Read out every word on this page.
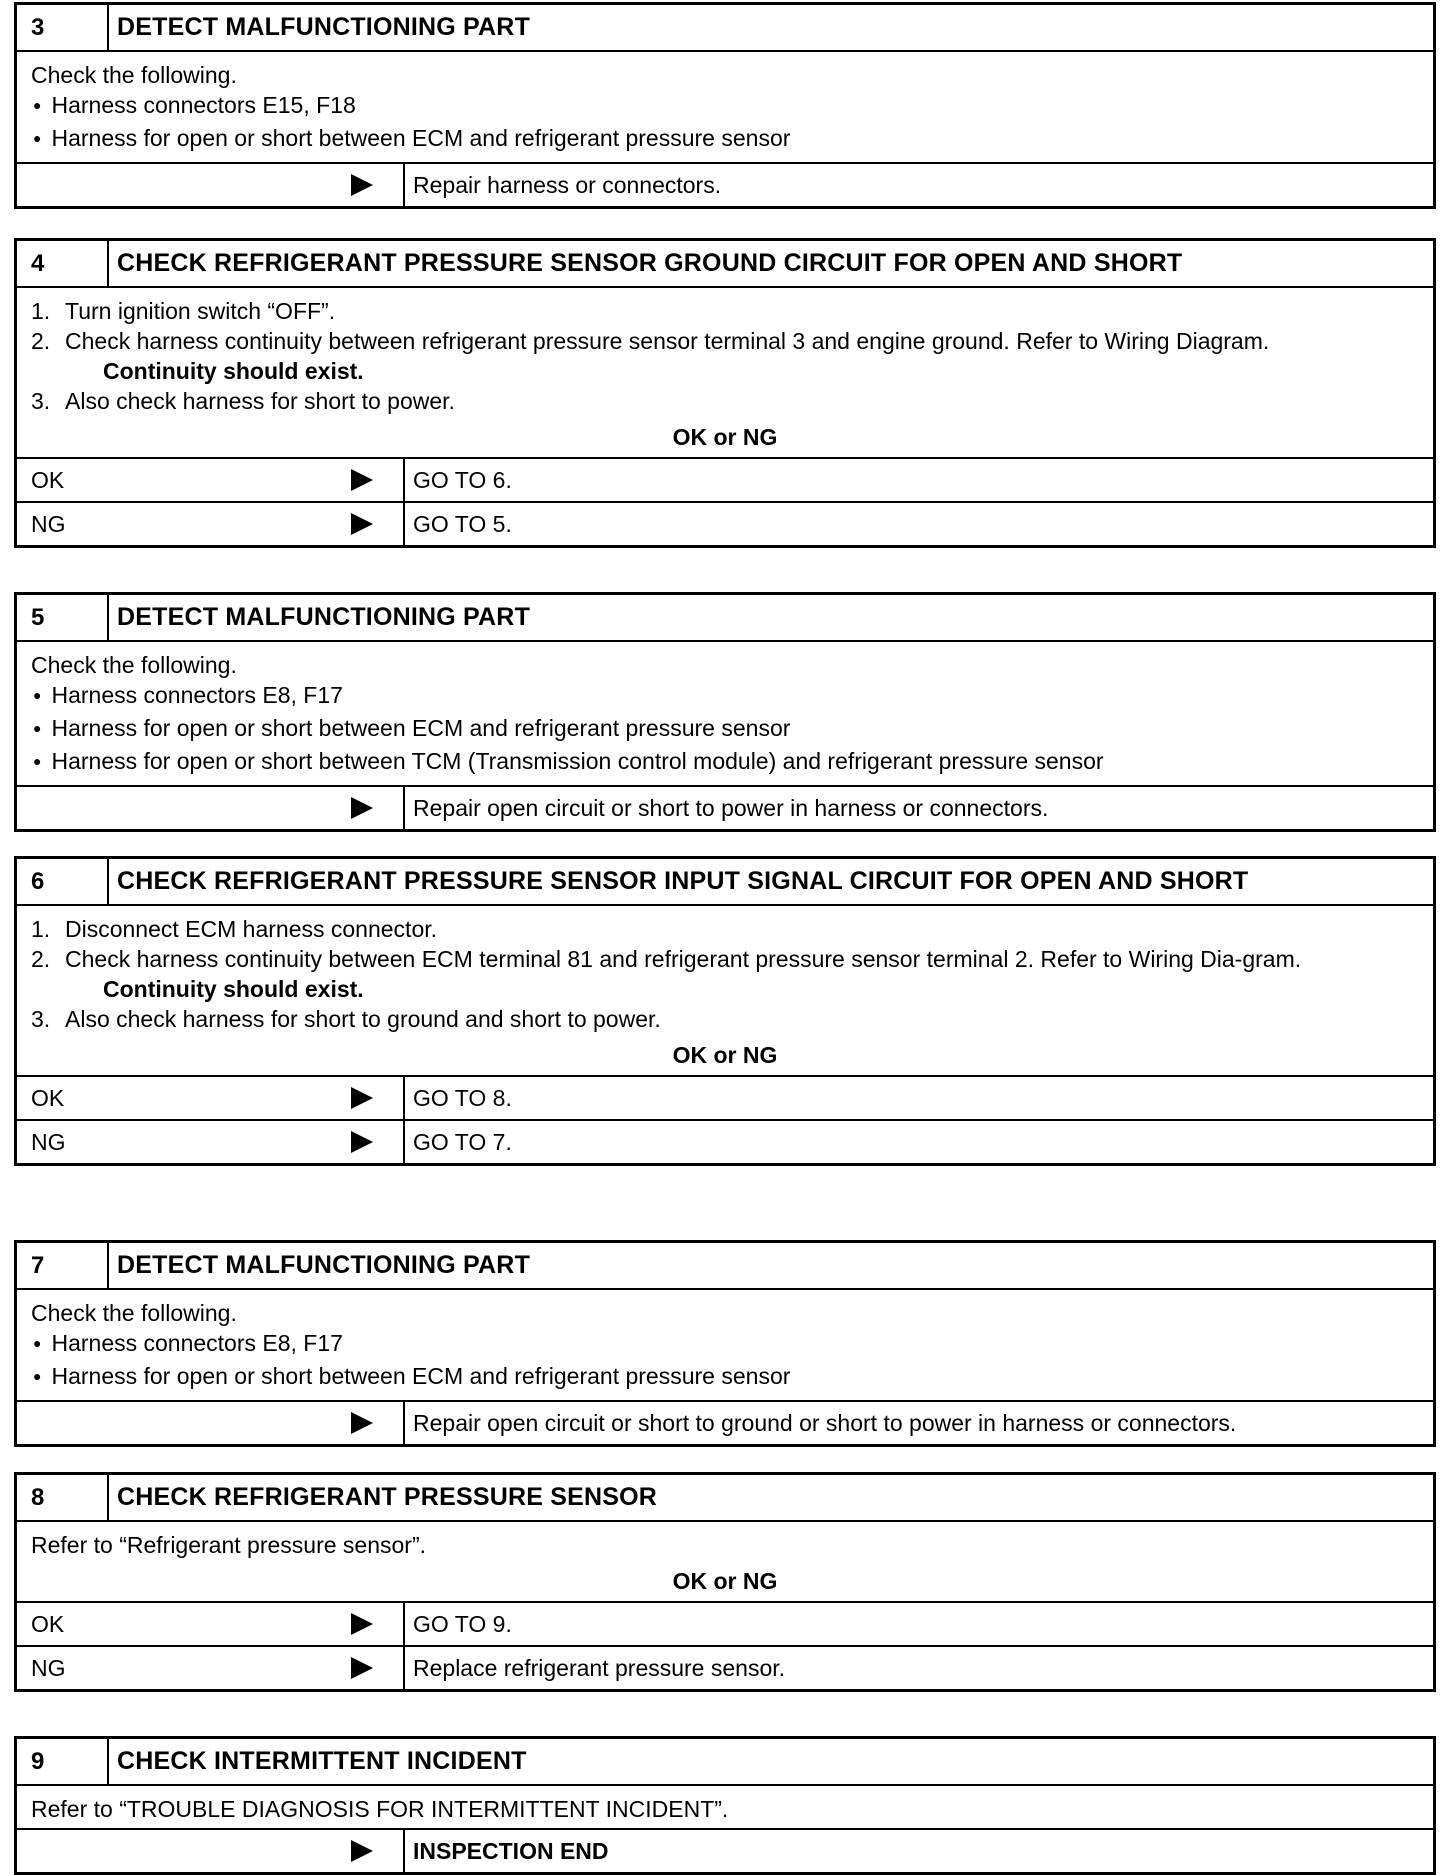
3	DETECT MALFUNCTIONING PART
Check the following.
● Harness connectors E15, F18
● Harness for open or short between ECM and refrigerant pressure sensor
Repair harness or connectors.
4	CHECK REFRIGERANT PRESSURE SENSOR GROUND CIRCUIT FOR OPEN AND SHORT
1. Turn ignition switch “OFF”.
2. Check harness continuity between refrigerant pressure sensor terminal 3 and engine ground. Refer to Wiring Diagram.
Continuity should exist.
3. Also check harness for short to power.
OK or NG
OK	GO TO 6.
NG	GO TO 5.
5	DETECT MALFUNCTIONING PART
Check the following.
● Harness connectors E8, F17
● Harness for open or short between ECM and refrigerant pressure sensor
● Harness for open or short between TCM (Transmission control module) and refrigerant pressure sensor
Repair open circuit or short to power in harness or connectors.
6	CHECK REFRIGERANT PRESSURE SENSOR INPUT SIGNAL CIRCUIT FOR OPEN AND SHORT
1. Disconnect ECM harness connector.
2. Check harness continuity between ECM terminal 81 and refrigerant pressure sensor terminal 2. Refer to Wiring Dia-gram.
Continuity should exist.
3. Also check harness for short to ground and short to power.
OK or NG
OK	GO TO 8.
NG	GO TO 7.
7	DETECT MALFUNCTIONING PART
Check the following.
● Harness connectors E8, F17
● Harness for open or short between ECM and refrigerant pressure sensor
Repair open circuit or short to ground or short to power in harness or connectors.
8	CHECK REFRIGERANT PRESSURE SENSOR
Refer to “Refrigerant pressure sensor”.
OK or NG
OK	GO TO 9.
NG	Replace refrigerant pressure sensor.
9	CHECK INTERMITTENT INCIDENT
Refer to “TROUBLE DIAGNOSIS FOR INTERMITTENT INCIDENT”.
INSPECTION END
